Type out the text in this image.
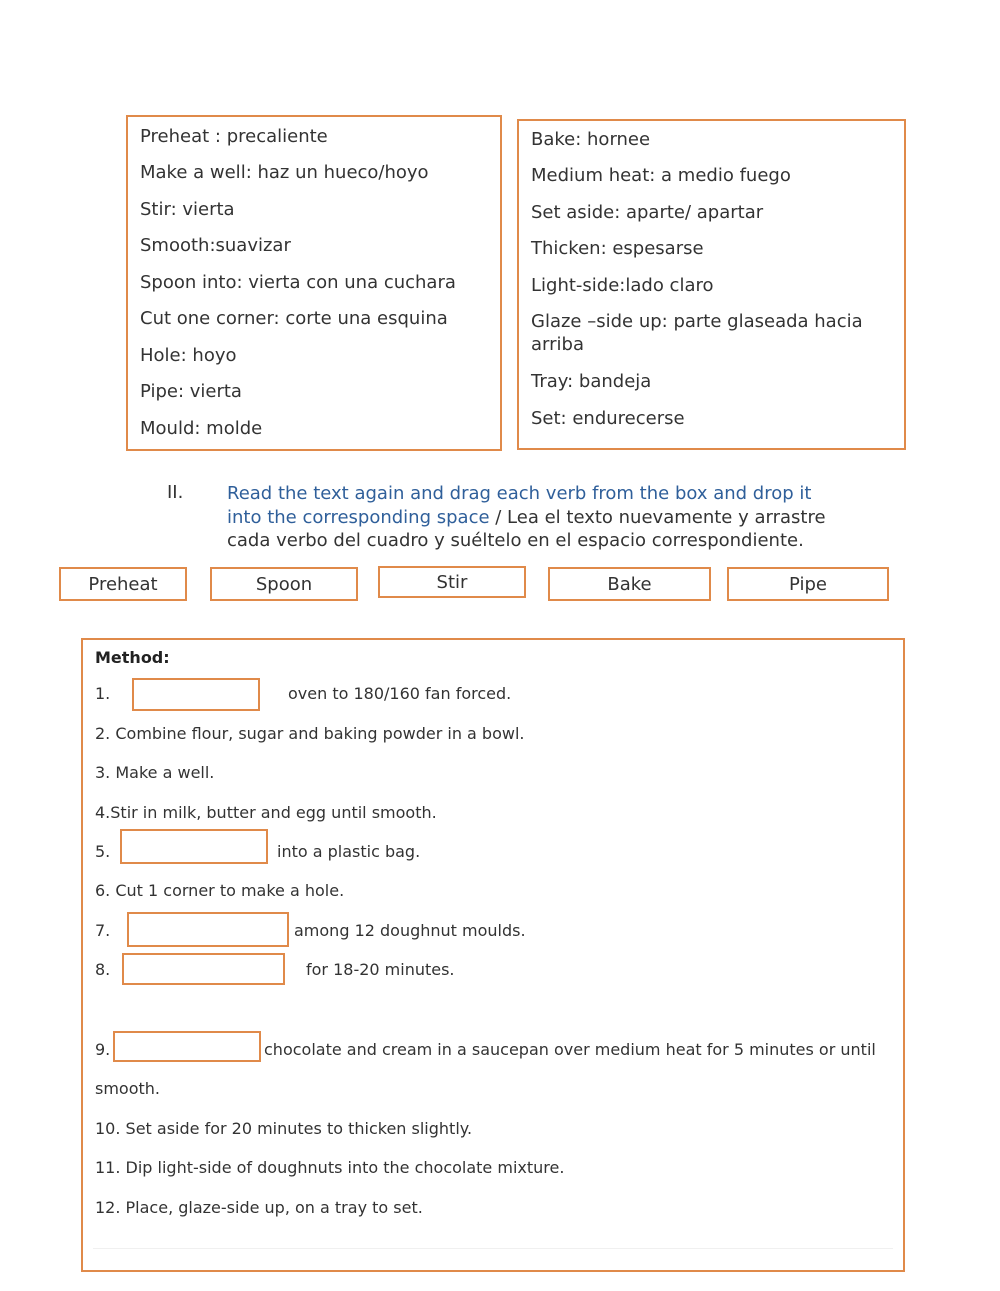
Preheat : precaliente
Make a well: haz un hueco/hoyo
Stir: vierta
Smooth:suavizar
Spoon into: vierta con una cuchara
Cut one corner: corte una esquina
Hole: hoyo
Pipe: vierta
Mould: molde
Bake: hornee
Medium heat: a medio fuego
Set aside: aparte/ apartar
Thicken: espesarse
Light-side:lado claro
Glaze –side up: parte glaseada hacia
arriba
Tray: bandeja
Set: endurecerse
II. Read the text again and drag each verb from the box and drop it into the corresponding space / Lea el texto nuevamente y arrastre cada verbo del cuadro y suéltelo en el espacio correspondiente.
Preheat	Spoon	Stir	Bake	Pipe
Method:
1.	oven to 180/160 fan forced.
2. Combine flour, sugar and baking powder in a bowl.
3. Make a well.
4.Stir in milk, butter and egg until smooth.
5.	into a plastic bag.
6. Cut 1 corner to make a hole.
7.	among 12 doughnut moulds.
8.	for 18-20 minutes.
9.	chocolate and cream in a saucepan over medium heat for 5 minutes or until
smooth.
10. Set aside for 20 minutes to thicken slightly.
11. Dip light-side of doughnuts into the chocolate mixture.
12. Place, glaze-side up, on a tray to set.
